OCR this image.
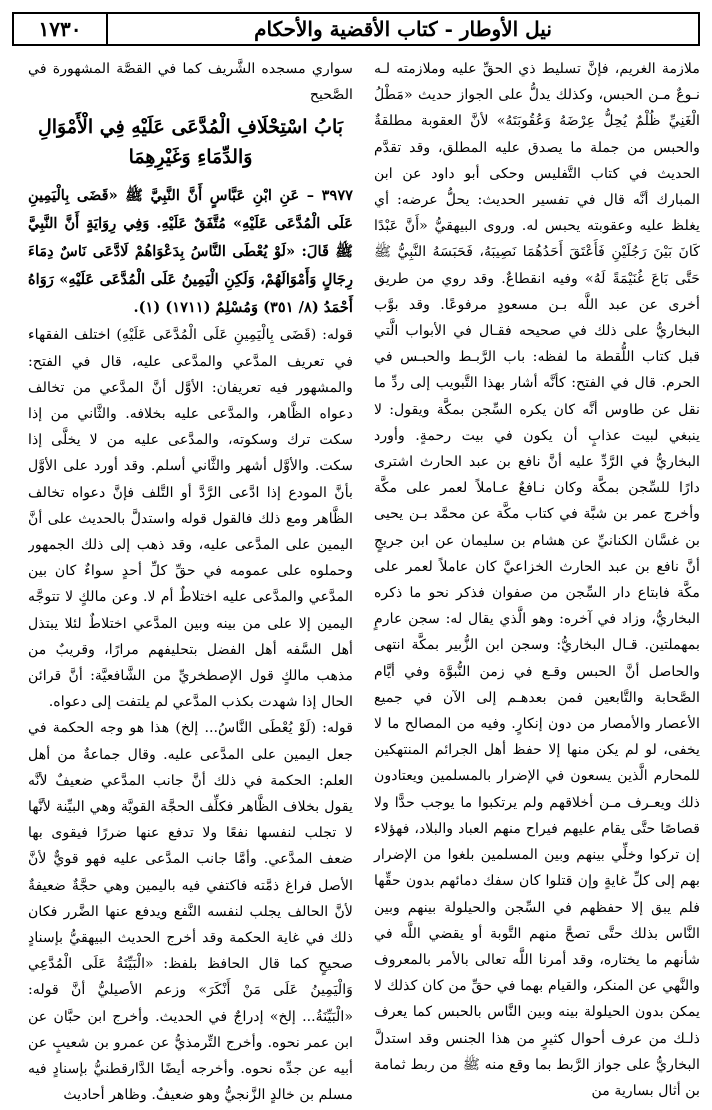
نيل الأوطار - كتاب الأقضية والأحكام
١٧٣٠

ملازمة الغريم، فإنَّ تسليط ذي الحقِّ عليه وملازمته لـه نـوعٌ مـن الحبس، وكذلك يدلُّ على الجواز حديث «مَطْلُ الْغَنِيِّ ظُلْمٌ يُحِلُّ عِرْضَهُ وَعُقُوبَتَهُ» لأنَّ العقوبة مطلقةٌ والحبس من جملة ما يصدق عليه المطلق، وقد تقدَّم الحديث في كتاب التَّفليس وحكى أبو داود عن ابن المبارك أنَّه قال في تفسير الحديث: يحلُّ عرضه: أي يغلظ عليه وعقوبته يحبس له. وروى البيهقيُّ «أَنَّ عَبْدًا كَانَ بَيْنَ رَجُلَيْنِ فَأَعْتَقَ أَحَدُهُمَا نَصِيبَهُ، فَحَبَسَهُ النَّبِيُّ ﷺ حَتَّى بَاعَ غُنَيْمَةً لَهُ» وفيه انقطاعٌ. وقد روي من طريق أخرى عن عبد اللَّه بـن مسعودٍ مرفوعًا. وقد بوَّب البخاريُّ على ذلك في صحيحه فقـال في الأبواب الَّتي قبل كتاب اللُّقطة ما لفظه: باب الرَّبـط والحبـس في الحرم. قال في الفتح: كأنَّه أشار بهذا التَّبويب إلى ردِّ ما نقل عن طاوس أنَّه كان يكره السِّجن بمكَّة ويقول: لا ينبغي لبيت عذابٍ أن يكون في بيت رحمةٍ. وأورد البخاريُّ في الرَّدِّ عليه أنَّ نافع بن عبد الحارث اشترى دارًا للسِّجن بمكَّة وكان نـافعٌ عـاملاً لعمر على مكَّة وأخرج عمر بن شبَّة في كتاب مكَّة عن محمَّد بـن يحيى بن غسَّان الكنانيِّ عن هشام بن سليمان عن ابن جريجٍ أنَّ نافع بن عبد الحارث الخزاعيَّ كان عاملاً لعمر على مكَّة فابتاع دار السِّجن من صفوان فذكر نحو ما ذكره البخاريُّ، وزاد في آخره: وهو الَّذي يقال له: سجن عارمٍ بمهملتين. قـال البخاريُّ: وسجن ابن الزُّبير بمكَّة انتهى والحاصل أنَّ الحبس وقـع في زمن النُّبوَّة وفي أيَّام الصَّحابة والتَّابعين فمن بعدهـم إلى الآن في جميع الأعصار والأمصار من دون إنكارٍ. وفيه من المصالح ما لا يخفى، لو لم يكن منها إلا حفظ أهل الجرائم المنتهكين للمحارم الَّذين يسعون في الإضرار بالمسلمين ويعتادون ذلك ويعـرف مـن أخلاقهم ولم يرتكبوا ما يوجب حدًّا ولا قصاصًا حتَّى يقام عليهم فيراح منهم العباد والبلاد، فهؤلاء إن تركوا وخلِّي بينهم وبين المسلمين بلغوا من الإضرار بهم إلى كلِّ غايةٍ وإن قتلوا كان سفك دمائهم بدون حقِّها فلم يبق إلا حفظهم في السِّجن والحيلولة بينهم وبين النَّاس بذلك حتَّى تصحَّ منهم التَّوبة أو يقضي اللَّه في شأنهم ما يختاره، وقد أمرنا اللَّه تعالى بالأمر بالمعروف والنَّهي عن المنكر، والقيام بهما في حقِّ من كان كذلك لا يمكن بدون الحيلولة بينه وبين النَّاس بالحبس كما يعرف ذلـك من عرف أحوال كثيرٍ من هذا الجنس وقد استدلَّ البخاريُّ على جواز الرَّبط بما وقع منه ﷺ من ربط ثمامة بن أثال بسارية من

سواري مسجده الشَّريف كما في القصَّة المشهورة في الصَّحيح

بَابُ اسْتِحْلَافِ الْمُدَّعَى عَلَيْهِ فِي الْأَمْوَالِ وَالدِّمَاءِ وَغَيْرِهِمَا

٣٩٧٧ – عَنِ ابْنِ عَبَّاسٍ أَنَّ النَّبِيَّ ﷺ «قَضَى بِالْيَمِينِ عَلَى الْمُدَّعَى عَلَيْهِ» مُتَّفَقٌ عَلَيْهِ. وَفِي رِوَايَةٍ أَنَّ النَّبِيَّ ﷺ قَالَ: «لَوْ يُعْطَى النَّاسُ بِدَعْوَاهُمْ لَادَّعَى نَاسٌ دِمَاءَ رِجَالٍ وَأَمْوَالَهُمْ، وَلَكِنِ الْيَمِينُ عَلَى الْمُدَّعَى عَلَيْهِ» رَوَاهُ أَحْمَدُ (٨/ ٣٥١) وَمُسْلِمٌ (١٧١١) (١).

قوله: (قَضَى بِالْيَمِينِ عَلَى الْمُدَّعَى عَلَيْهِ) اختلف الفقهاء في تعريف المدَّعي والمدَّعى عليه، قال في الفتح: والمشهور فيه تعريفان: الأوَّل أنَّ المدَّعي من تخالف دعواه الظَّاهر، والمدَّعى عليه بخلافه. والثَّاني من إذا سكت ترك وسكوته، والمدَّعى عليه من لا يخلَّى إذا سكت. والأوَّل أشهر والثَّاني أسلم. وقد أورد على الأوَّل بأنَّ المودع إذا ادَّعى الرَّدَّ أو التَّلف فإنَّ دعواه تخالف الظَّاهر ومع ذلك فالقول قوله واستدلَّ بالحديث على أنَّ اليمين على المدَّعى عليه، وقد ذهب إلى ذلك الجمهور وحملوه على عمومه في حقِّ كلِّ أحدٍ سواءٌ كان بين المدَّعي والمدَّعى عليه اختلاطٌ أم لا. وعن مالكٍ لا تتوجَّه اليمين إلا على من بينه وبين المدَّعي اختلاطٌ لئلا يبتذل أهل السَّفه أهل الفضل بتحليفهم مرارًا، وقريبٌ من مذهب مالكٍ قول الإصطخريِّ من الشَّافعيَّة: أنَّ قرائن الحال إذا شهدت بكذب المدَّعي لم يلتفت إلى دعواه.

قوله: (لَوْ يُعْطَى النَّاسُ... إلخ) هذا هو وجه الحكمة في جعل اليمين على المدَّعى عليه. وقال جماعةٌ من أهل العلم: الحكمة في ذلك أنَّ جانب المدَّعي ضعيفٌ لأنَّه يقول بخلاف الظَّاهر فكلِّف الحجَّة القويَّة وهي البيِّنة لأنَّها لا تجلب لنفسها نفعًا ولا تدفع عنها ضررًا فيقوى بها ضعف المدَّعي. وأمَّا جانب المدَّعى عليه فهو قويٌّ لأنَّ الأصل فراغ ذمَّته فاكتفي فيه باليمين وهي حجَّةٌ ضعيفةٌ لأنَّ الحالف يجلب لنفسه النَّفع ويدفع عنها الضَّرر فكان ذلك في غاية الحكمة وقد أخرج الحديث البيهقيُّ بإسنادٍ صحيحٍ كما قال الحافظ بلفظ: «الْبَيِّنَةُ عَلَى الْمُدَّعِي وَالْيَمِينُ عَلَى مَنْ أَنْكَرَ» وزعم الأصيليُّ أنَّ قوله: «الْبَيِّنَةُ... إلخ» إدراجٌ في الحديث. وأخرج ابن حبَّان عن ابن عمر نحوه. وأخرج التِّرمذيُّ عن عمرو بن شعيبٍ عن أبيه عن جدِّه نحوه. وأخرجه أيضًا الدَّارقطنيُّ بإسنادٍ فيه مسلم بن خالدٍ الزَّنجيُّ وهو ضعيفٌ. وظاهر أحاديث
